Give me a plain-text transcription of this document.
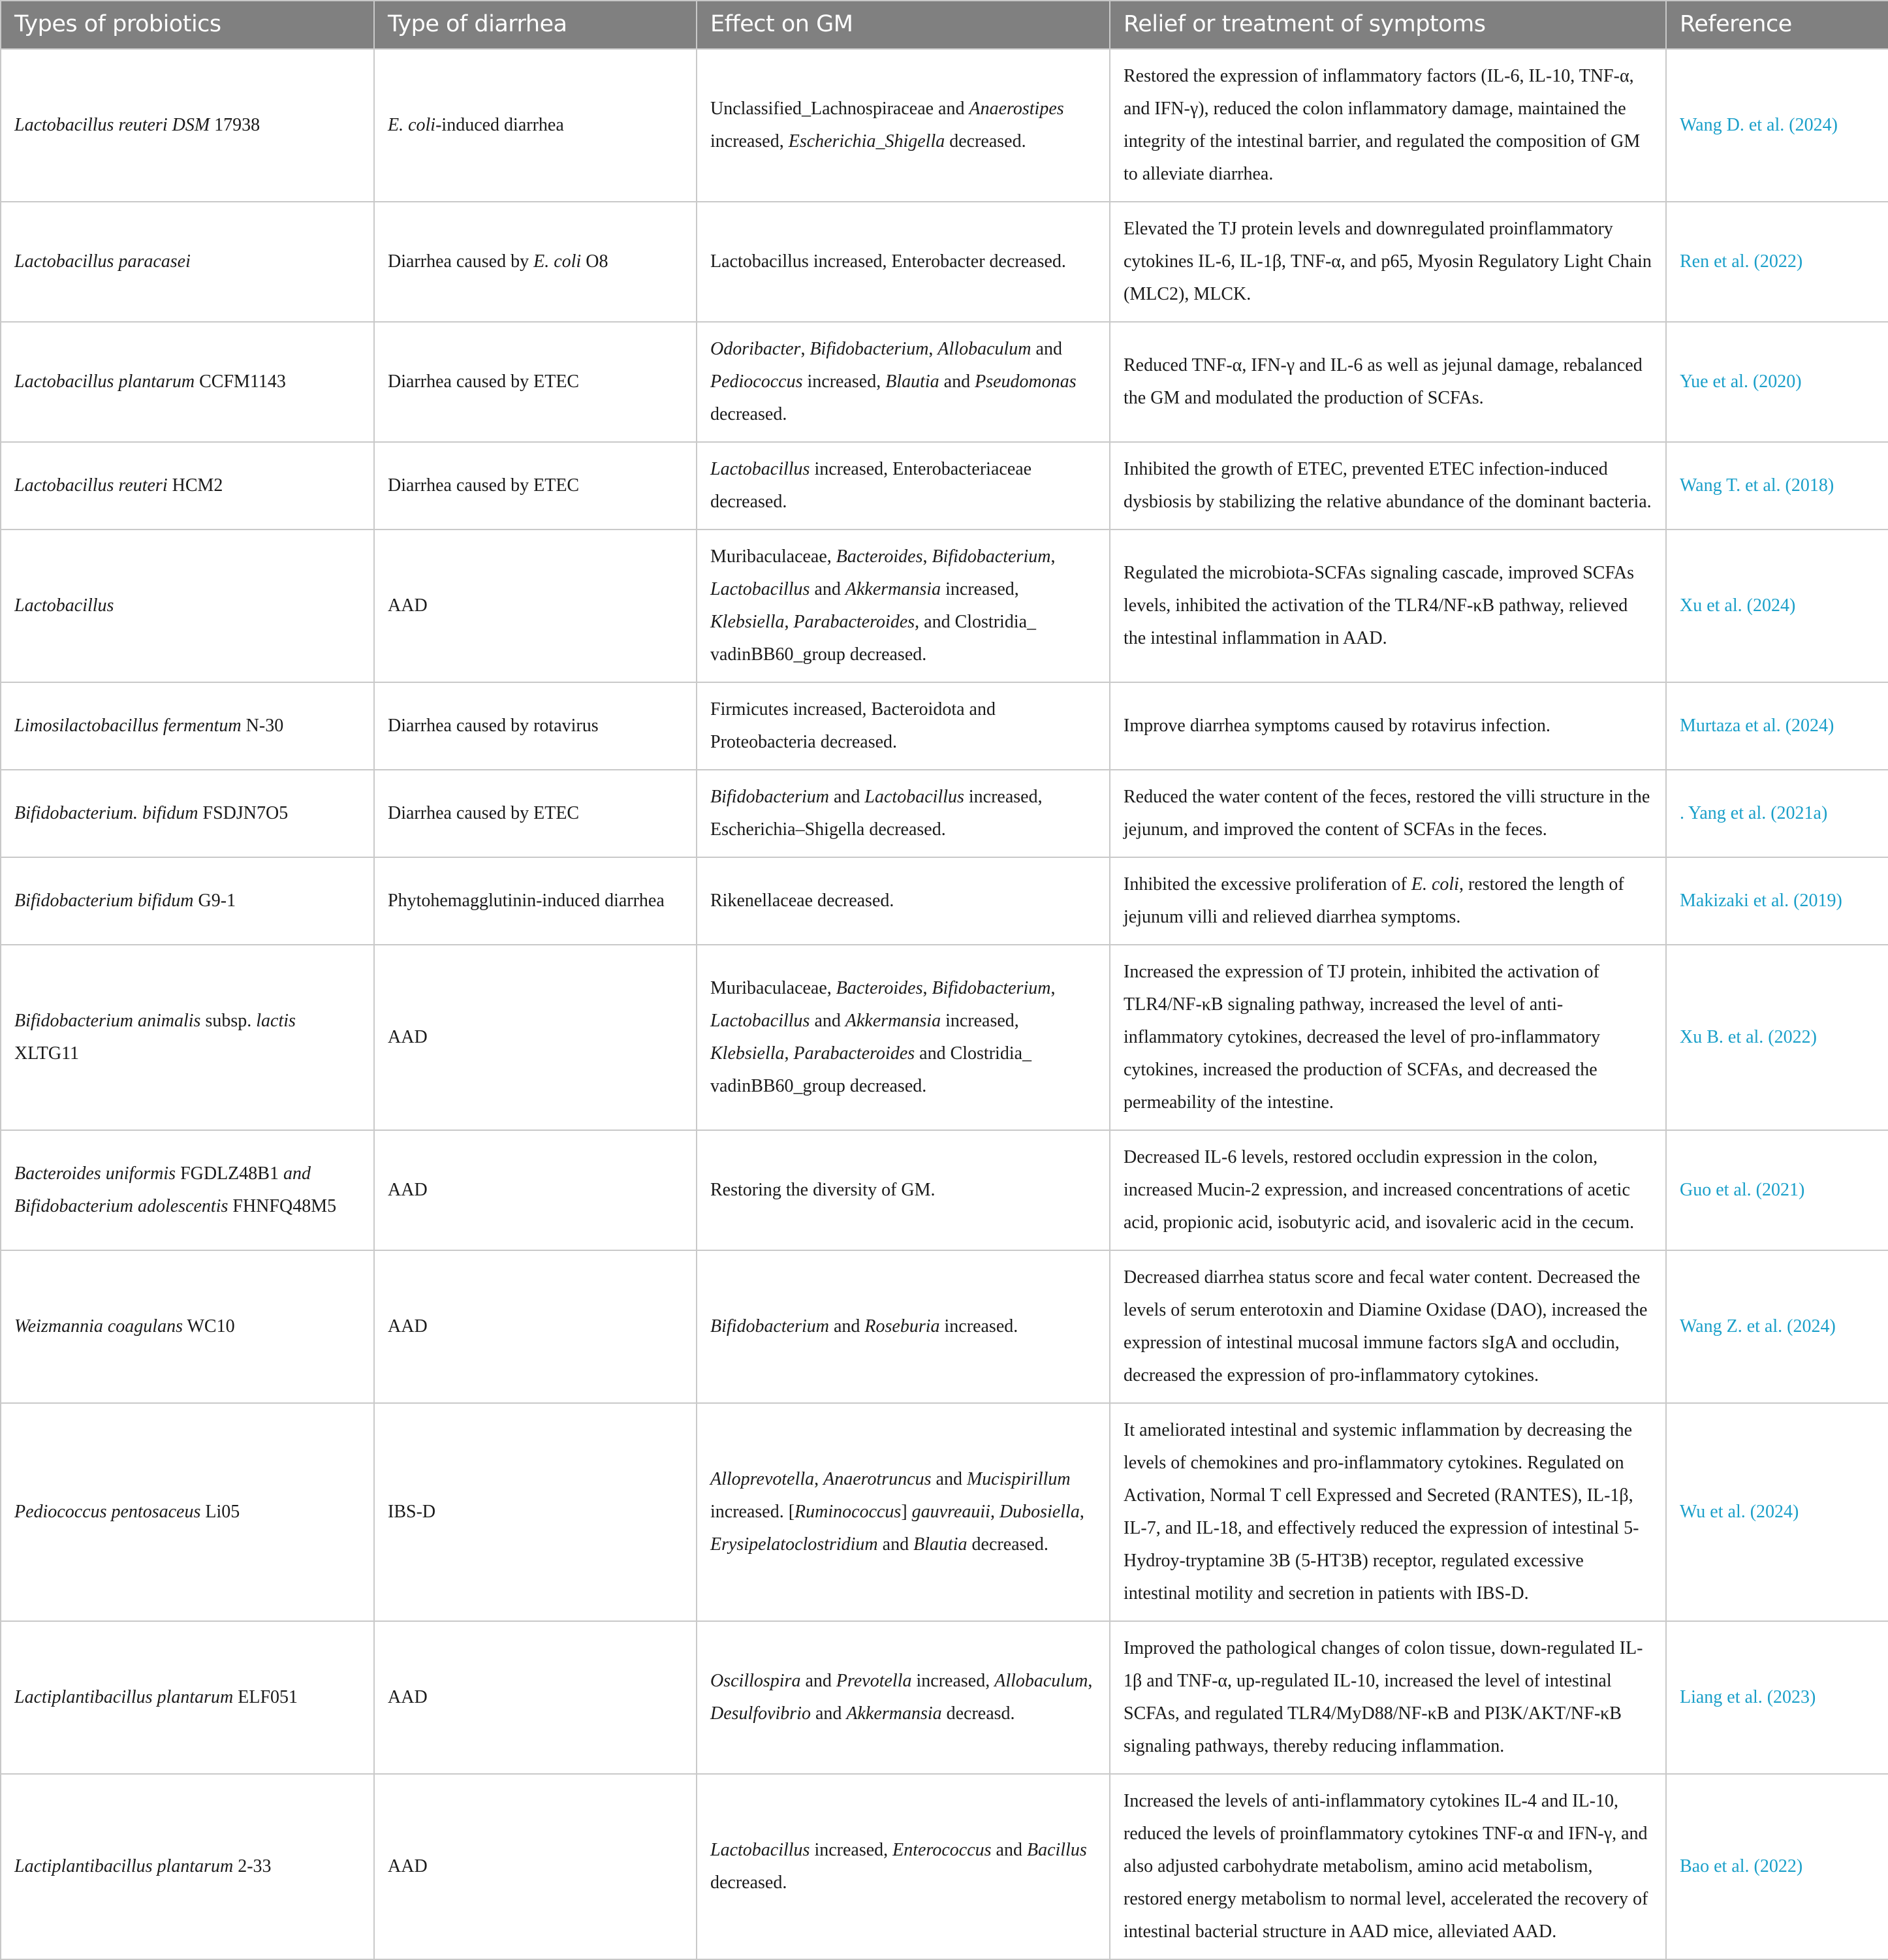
Types of probiotics	Type of diarrhea	Effect on GM	Relief or treatment of symptoms	Reference
Lactobacillus reuteri DSM 17938	E. coli-induced diarrhea	Unclassified_Lachnospiraceae and Anaerostipes increased, Escherichia_Shigella decreased.	Restored the expression of inflammatory factors (IL-6, IL-10, TNF-α, and IFN-γ), reduced the colon inflammatory damage, maintained the integrity of the intestinal barrier, and regulated the composition of GM to alleviate diarrhea.	Wang D. et al. (2024)
Lactobacillus paracasei	Diarrhea caused by E. coli O8	Lactobacillus increased, Enterobacter decreased.	Elevated the TJ protein levels and downregulated proinflammatory cytokines IL-6, IL-1β, TNF-α, and p65, Myosin Regulatory Light Chain (MLC2), MLCK.	Ren et al. (2022)
Lactobacillus plantarum CCFM1143	Diarrhea caused by ETEC	Odoribacter, Bifidobacterium, Allobaculum and Pediococcus increased, Blautia and Pseudomonas decreased.	Reduced TNF-α, IFN-γ and IL-6 as well as jejunal damage, rebalanced the GM and modulated the production of SCFAs.	Yue et al. (2020)
Lactobacillus reuteri HCM2	Diarrhea caused by ETEC	Lactobacillus increased, Enterobacteriaceae decreased.	Inhibited the growth of ETEC, prevented ETEC infection-induced dysbiosis by stabilizing the relative abundance of the dominant bacteria.	Wang T. et al. (2018)
Lactobacillus	AAD	Muribaculaceae, Bacteroides, Bifidobacterium, Lactobacillus and Akkermansia increased, Klebsiella, Parabacteroides, and Clostridia_ vadinBB60_group decreased.	Regulated the microbiota-SCFAs signaling cascade, improved SCFAs levels, inhibited the activation of the TLR4/NF-κB pathway, relieved the intestinal inflammation in AAD.	Xu et al. (2024)
Limosilactobacillus fermentum N-30	Diarrhea caused by rotavirus	Firmicutes increased, Bacteroidota and Proteobacteria decreased.	Improve diarrhea symptoms caused by rotavirus infection.	Murtaza et al. (2024)
Bifidobacterium. bifidum FSDJN7O5	Diarrhea caused by ETEC	Bifidobacterium and Lactobacillus increased, Escherichia–Shigella decreased.	Reduced the water content of the feces, restored the villi structure in the jejunum, and improved the content of SCFAs in the feces.	. Yang et al. (2021a)
Bifidobacterium bifidum G9-1	Phytohemagglutinin-induced diarrhea	Rikenellaceae decreased.	Inhibited the excessive proliferation of E. coli, restored the length of jejunum villi and relieved diarrhea symptoms.	Makizaki et al. (2019)
Bifidobacterium animalis subsp. lactis XLTG11	AAD	Muribaculaceae, Bacteroides, Bifidobacterium, Lactobacillus and Akkermansia increased, Klebsiella, Parabacteroides and Clostridia_ vadinBB60_group decreased.	Increased the expression of TJ protein, inhibited the activation of TLR4/NF-κB signaling pathway, increased the level of anti-inflammatory cytokines, decreased the level of pro-inflammatory cytokines, increased the production of SCFAs, and decreased the permeability of the intestine.	Xu B. et al. (2022)
Bacteroides uniformis FGDLZ48B1 and Bifidobacterium adolescentis FHNFQ48M5	AAD	Restoring the diversity of GM.	Decreased IL-6 levels, restored occludin expression in the colon, increased Mucin-2 expression, and increased concentrations of acetic acid, propionic acid, isobutyric acid, and isovaleric acid in the cecum.	Guo et al. (2021)
Weizmannia coagulans WC10	AAD	Bifidobacterium and Roseburia increased.	Decreased diarrhea status score and fecal water content. Decreased the levels of serum enterotoxin and Diamine Oxidase (DAO), increased the expression of intestinal mucosal immune factors sIgA and occludin, decreased the expression of pro-inflammatory cytokines.	Wang Z. et al. (2024)
Pediococcus pentosaceus Li05	IBS-D	Alloprevotella, Anaerotruncus and Mucispirillum increased. [Ruminococcus] gauvreauii, Dubosiella, Erysipelatoclostridium and Blautia decreased.	It ameliorated intestinal and systemic inflammation by decreasing the levels of chemokines and pro-inflammatory cytokines. Regulated on Activation, Normal T cell Expressed and Secreted (RANTES), IL-1β, IL-7, and IL-18, and effectively reduced the expression of intestinal 5-Hydroy-tryptamine 3B (5-HT3B) receptor, regulated excessive intestinal motility and secretion in patients with IBS-D.	Wu et al. (2024)
Lactiplantibacillus plantarum ELF051	AAD	Oscillospira and Prevotella increased, Allobaculum, Desulfovibrio and Akkermansia decreasd.	Improved the pathological changes of colon tissue, down-regulated IL-1β and TNF-α, up-regulated IL-10, increased the level of intestinal SCFAs, and regulated TLR4/MyD88/NF-κB and PI3K/AKT/NF-κB signaling pathways, thereby reducing inflammation.	Liang et al. (2023)
Lactiplantibacillus plantarum 2-33	AAD	Lactobacillus increased, Enterococcus and Bacillus decreased.	Increased the levels of anti-inflammatory cytokines IL-4 and IL-10, reduced the levels of proinflammatory cytokines TNF-α and IFN-γ, and also adjusted carbohydrate metabolism, amino acid metabolism, restored energy metabolism to normal level, accelerated the recovery of intestinal bacterial structure in AAD mice, alleviated AAD.	Bao et al. (2022)
